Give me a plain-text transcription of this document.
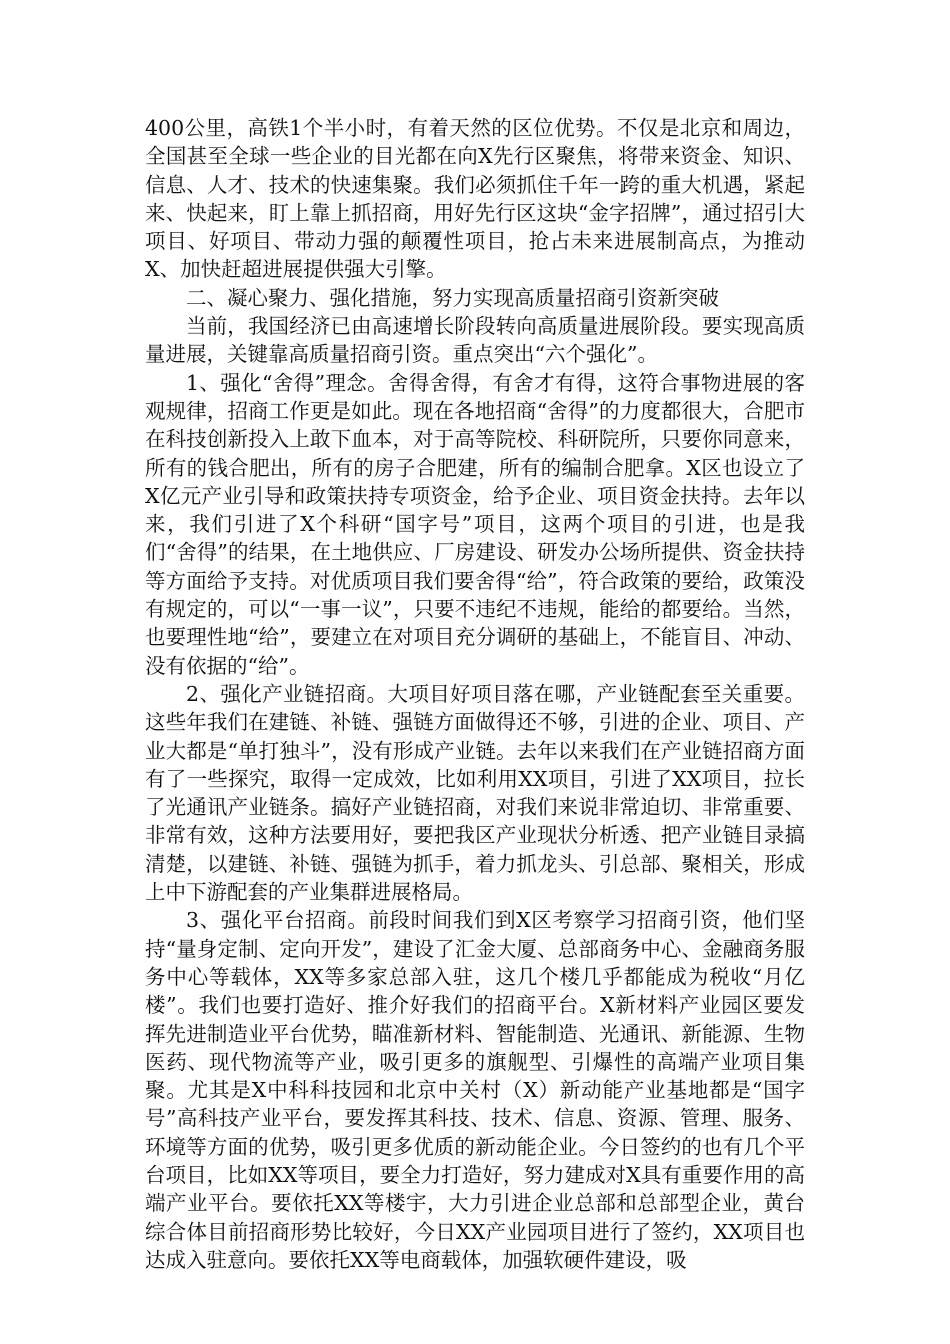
400公里，高铁1个半小时，有着天然的区位优势。不仅是北京和周边，全国甚至全球一些企业的目光都在向X先行区聚焦，将带来资金、知识、信息、人才、技术的快速集聚。我们必须抓住千年一跨的重大机遇，紧起来、快起来，盯上靠上抓招商，用好先行区这块“金字招牌”，通过招引大项目、好项目、带动力强的颠覆性项目，抢占未来进展制高点，为推动X、加快赶超进展提供强大引擎。

二、凝心聚力、强化措施，努力实现高质量招商引资新突破

当前，我国经济已由高速增长阶段转向高质量进展阶段。要实现高质量进展，关键靠高质量招商引资。重点突出“六个强化”。

1、强化“舍得”理念。舍得舍得，有舍才有得，这符合事物进展的客观规律，招商工作更是如此。现在各地招商“舍得”的力度都很大，合肥市在科技创新投入上敢下血本，对于高等院校、科研院所，只要你同意来，所有的钱合肥出，所有的房子合肥建，所有的编制合肥拿。X区也设立了X亿元产业引导和政策扶持专项资金，给予企业、项目资金扶持。去年以来，我们引进了X个科研“国字号”项目，这两个项目的引进，也是我们“舍得”的结果，在土地供应、厂房建设、研发办公场所提供、资金扶持等方面给予支持。对优质项目我们要舍得“给”，符合政策的要给，政策没有规定的，可以“一事一议”，只要不违纪不违规，能给的都要给。当然，也要理性地“给”，要建立在对项目充分调研的基础上，不能盲目、冲动、没有依据的“给”。

2、强化产业链招商。大项目好项目落在哪，产业链配套至关重要。这些年我们在建链、补链、强链方面做得还不够，引进的企业、项目、产业大都是“单打独斗”，没有形成产业链。去年以来我们在产业链招商方面有了一些探究，取得一定成效，比如利用XX项目，引进了XX项目，拉长了光通讯产业链条。搞好产业链招商，对我们来说非常迫切、非常重要、非常有效，这种方法要用好，要把我区产业现状分析透、把产业链目录搞清楚，以建链、补链、强链为抓手，着力抓龙头、引总部、聚相关，形成上中下游配套的产业集群进展格局。

3、强化平台招商。前段时间我们到X区考察学习招商引资，他们坚持“量身定制、定向开发”，建设了汇金大厦、总部商务中心、金融商务服务中心等载体，XX等多家总部入驻，这几个楼几乎都能成为税收“月亿楼”。我们也要打造好、推介好我们的招商平台。X新材料产业园区要发挥先进制造业平台优势，瞄准新材料、智能制造、光通讯、新能源、生物医药、现代物流等产业，吸引更多的旗舰型、引爆性的高端产业项目集聚。尤其是X中科科技园和北京中关村（X）新动能产业基地都是“国字号”高科技产业平台，要发挥其科技、技术、信息、资源、管理、服务、环境等方面的优势，吸引更多优质的新动能企业。今日签约的也有几个平台项目，比如XX等项目，要全力打造好，努力建成对X具有重要作用的高端产业平台。要依托XX等楼宇，大力引进企业总部和总部型企业，黄台综合体目前招商形势比较好，今日XX产业园项目进行了签约，XX项目也达成入驻意向。要依托XX等电商载体，加强软硬件建设，吸
